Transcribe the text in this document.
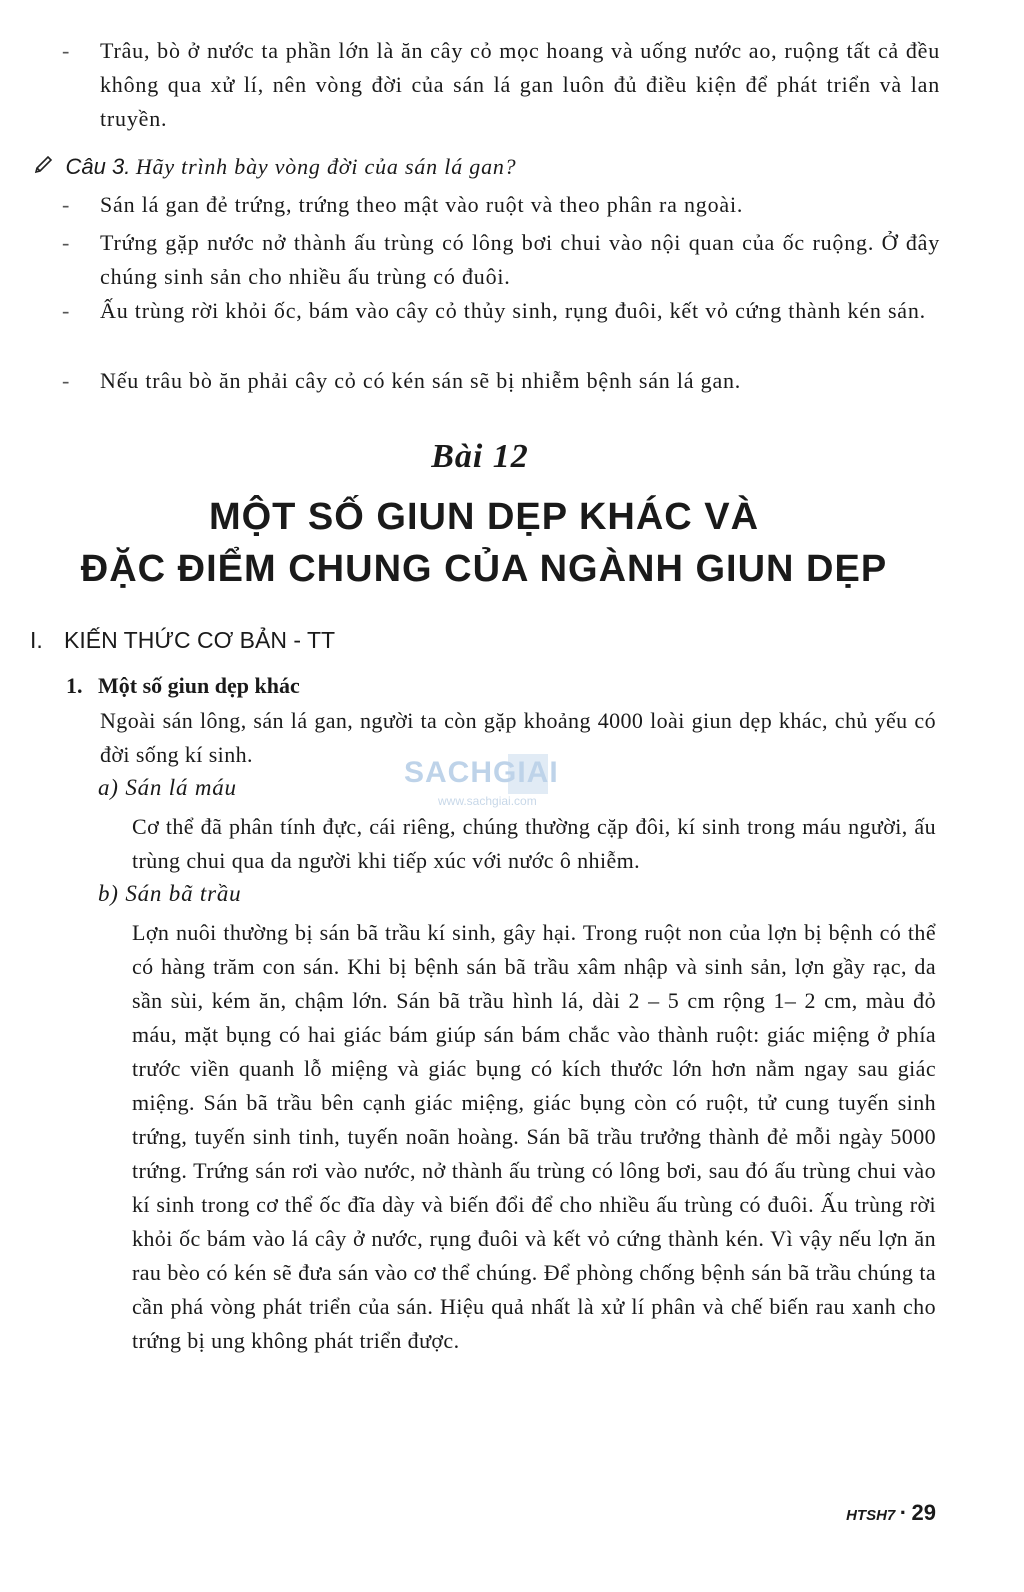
-	Trâu, bò ở nước ta phần lớn là ăn cây cỏ mọc hoang và uống nước ao, ruộng tất cả đều không qua xử lí, nên vòng đời của sán lá gan luôn đủ điều kiện để phát triển và lan truyền.
Câu 3. Hãy trình bày vòng đời của sán lá gan?
-	Sán lá gan đẻ trứng, trứng theo mật vào ruột và theo phân ra ngoài.
-	Trứng gặp nước nở thành ấu trùng có lông bơi chui vào nội quan của ốc ruộng. Ở đây chúng sinh sản cho nhiều ấu trùng có đuôi.
-	Ấu trùng rời khỏi ốc, bám vào cây cỏ thủy sinh, rụng đuôi, kết vỏ cứng thành kén sán.
-	Nếu trâu bò ăn phải cây cỏ có kén sán sẽ bị nhiễm bệnh sán lá gan.
Bài 12
MỘT SỐ GIUN DẸP KHÁC VÀ
ĐẶC ĐIỂM CHUNG CỦA NGÀNH GIUN DẸP
I. KIẾN THỨC CƠ BẢN - TT
1. Một số giun dẹp khác
Ngoài sán lông, sán lá gan, người ta còn gặp khoảng 4000 loài giun dẹp khác, chủ yếu có đời sống kí sinh.
SACHGIAI
www.sachgiai.com
a) Sán lá máu
Cơ thể đã phân tính đực, cái riêng, chúng thường cặp đôi, kí sinh trong máu người, ấu trùng chui qua da người khi tiếp xúc với nước ô nhiễm.
b) Sán bã trầu
Lợn nuôi thường bị sán bã trầu kí sinh, gây hại. Trong ruột non của lợn bị bệnh có thể có hàng trăm con sán. Khi bị bệnh sán bã trầu xâm nhập và sinh sản, lợn gầy rạc, da sần sùi, kém ăn, chậm lớn. Sán bã trầu hình lá, dài 2 – 5 cm rộng 1– 2 cm, màu đỏ máu, mặt bụng có hai giác bám giúp sán bám chắc vào thành ruột: giác miệng ở phía trước viền quanh lỗ miệng và giác bụng có kích thước lớn hơn nằm ngay sau giác miệng. Sán bã trầu bên cạnh giác miệng, giác bụng còn có ruột, tử cung tuyến sinh trứng, tuyến sinh tinh, tuyến noãn hoàng. Sán bã trầu trưởng thành đẻ mỗi ngày 5000 trứng. Trứng sán rơi vào nước, nở thành ấu trùng có lông bơi, sau đó ấu trùng chui vào kí sinh trong cơ thể ốc đĩa dày và biến đổi để cho nhiều ấu trùng có đuôi. Ấu trùng rời khỏi ốc bám vào lá cây ở nước, rụng đuôi và kết vỏ cứng thành kén. Vì vậy nếu lợn ăn rau bèo có kén sẽ đưa sán vào cơ thể chúng. Để phòng chống bệnh sán bã trầu chúng ta cần phá vòng phát triển của sán. Hiệu quả nhất là xử lí phân và chế biến rau xanh cho trứng bị ung không phát triển được.
HTSH7 · 29
